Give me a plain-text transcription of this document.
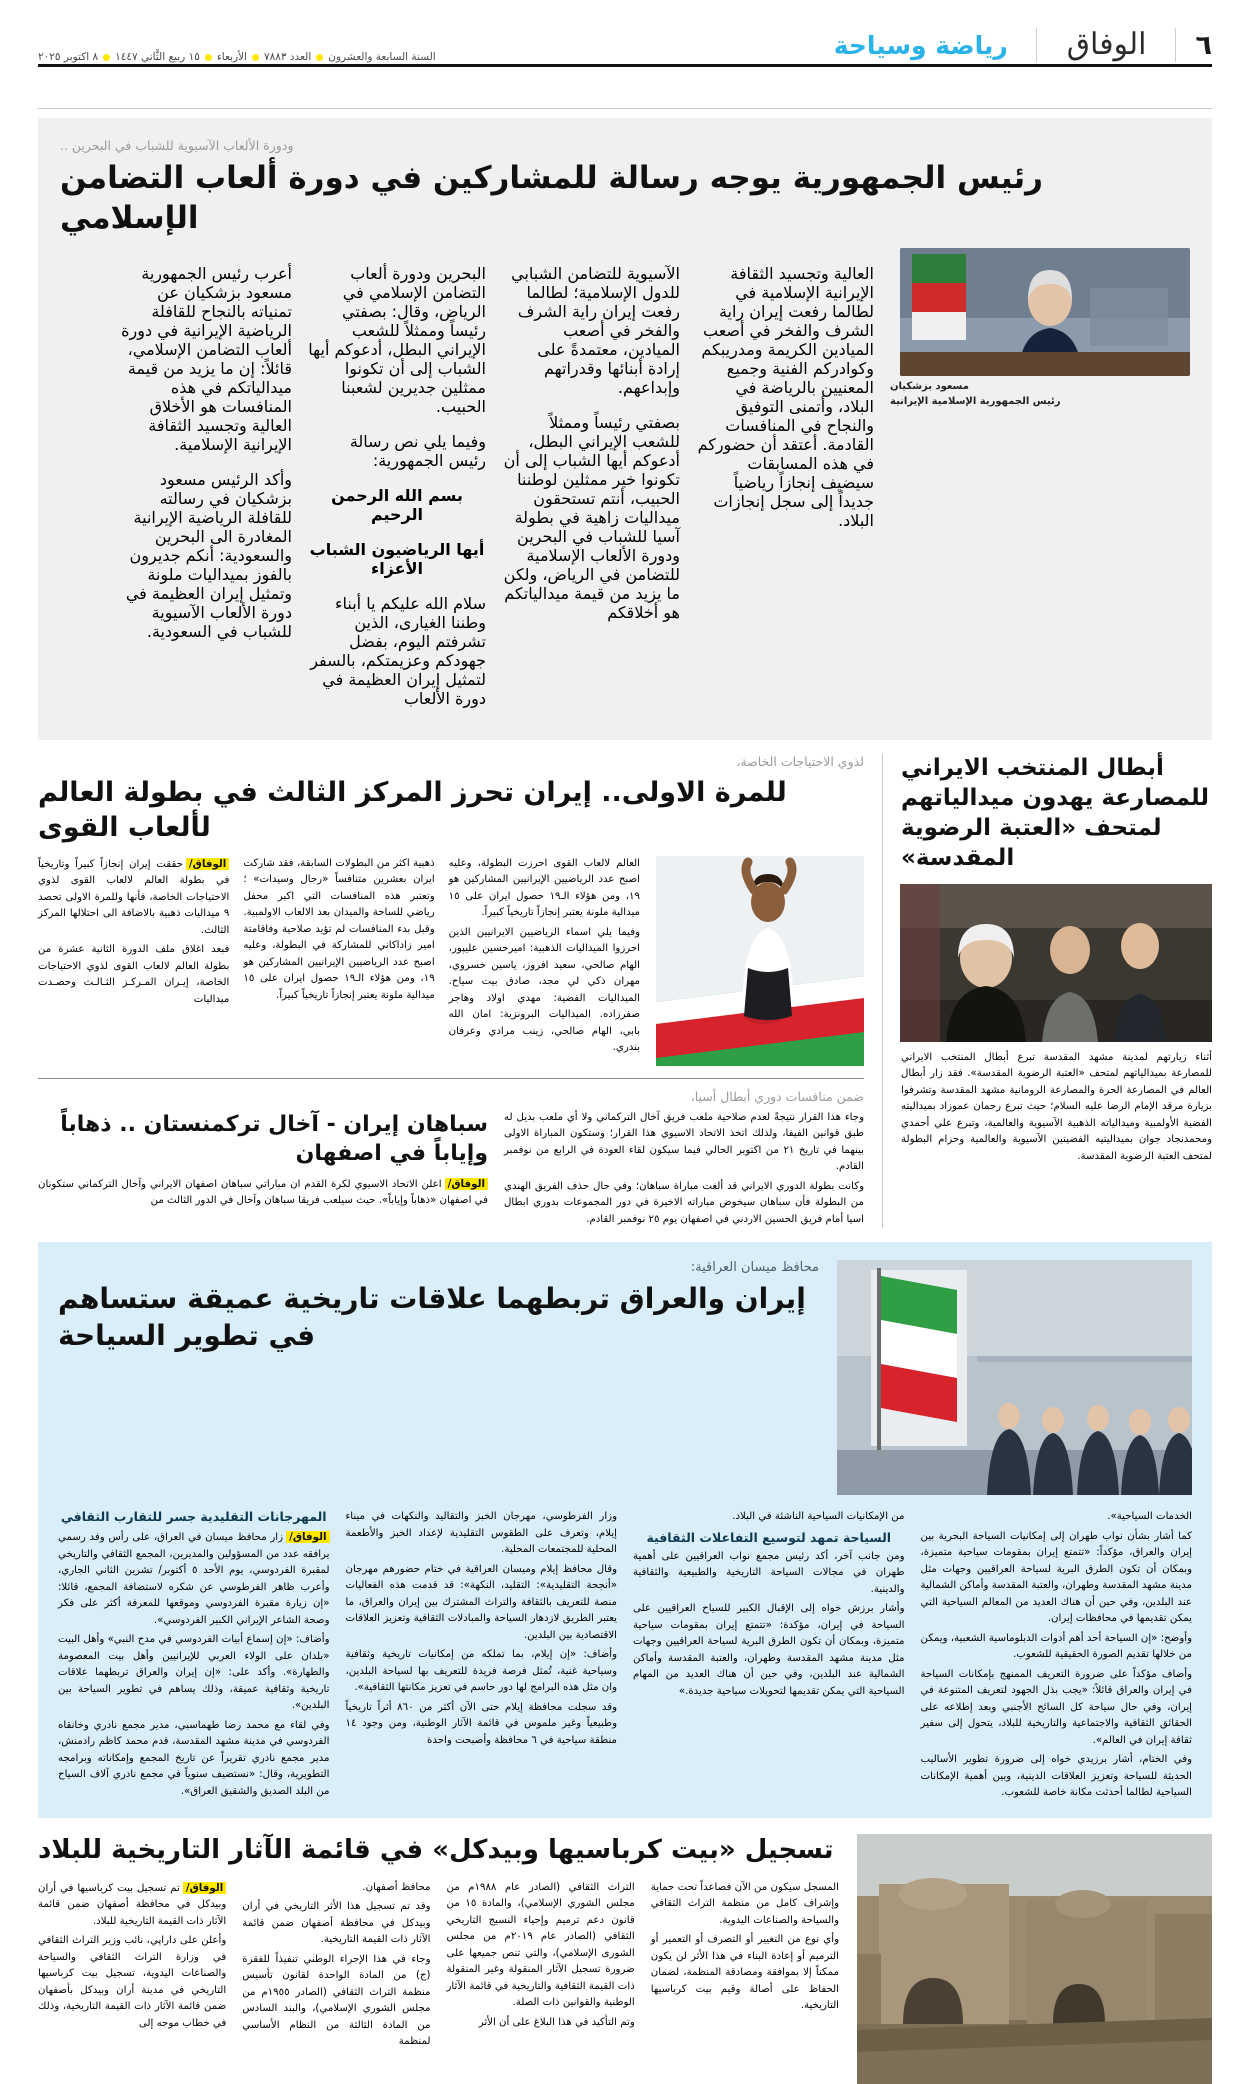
٦
الوفاق
رياضة وسياحة
السنة السابعة والعشرون
العدد ٧٨٨٣
الأربعاء
١٥ ربيع الثَّاني ١٤٤٧
٨ اكتوبر ٢٠٢٥
ودورة الألعاب الآسيوية للشباب في البحرين ..
رئيس الجمهورية يوجه رسالة للمشاركين في دورة ألعاب التضامن الإسلامي
مسعود بزشكيان
رئيس الجمهورية الإسلامية الإيرانية

العالية وتجسيد الثقافة الإيرانية الإسلامية في لطالما رفعت إيران راية الشرف والفخر في أصعب الميادين الكريمة ومدريبكم وكوادركم الفنية وجميع المعنيين بالرياضة في البلاد، وأتمنى التوفيق والنجاح في المنافسات القادمة. أعتقد أن حضوركم في هذه المسابقات سيضيف إنجازاً رياضياً جديداً إلى سجل إنجازات البلاد.

الآسيوية للتضامن الشبابي للدول الإسلامية؛ لطالما رفعت إيران راية الشرف والفخر في أصعب الميادين، معتمدةً على إرادة أبنائها وقدراتهم وإبداعهم.

بصفتي رئيساً وممثلاً للشعب الإيراني البطل، أدعوكم أيها الشباب إلى أن تكونوا خير ممثلين لوطننا الحبيب، أنتم تستحقون ميداليات زاهية في بطولة آسيا للشباب في البحرين ودورة الألعاب الإسلامية للتضامن في الرياض، ولكن ما يزيد من قيمة ميدالياتكم هو أخلاقكم

البحرين ودورة ألعاب التضامن الإسلامي في الرياض، وقال: بصفتي رئيساً وممثلاً للشعب الإيراني البطل، أدعوكم أيها الشباب إلى أن تكونوا ممثلين جديرين لشعبنا الحبيب.

وفيما يلي نص رسالة رئيس الجمهورية:

بسم الله الرحمن الرحيم

أيها الرياضيون الشباب الأعزاء

سلام الله عليكم يا أبناء وطننا الغيارى، الذين تشرفتم اليوم، بفضل جهودكم وعزيمتكم، بالسفر لتمثيل إيران العظيمة في دورة الألعاب

أعرب رئيس الجمهورية مسعود بزشكيان عن تمنياته بالنجاح للقافلة الرياضية الإيرانية في دورة ألعاب التضامن الإسلامي، قائلاً: إن ما يزيد من قيمة ميدالياتكم في هذه المنافسات هو الأخلاق العالية وتجسيد الثقافة الإيرانية الإسلامية.

وأكد الرئيس مسعود بزشكيان في رسالته للقافلة الرياضية الإيرانية المغادرة الى البحرين والسعودية: أنكم جديرون بالفوز بميداليات ملونة وتمثيل إيران العظيمة في دورة الألعاب الآسيوية للشباب في السعودية.

أبطال المنتخب الايراني للمصارعة يهدون ميدالياتهم لمتحف «العتبة الرضوية المقدسة»

أثناء زيارتهم لمدينة مشهد المقدسة تبرع أبطال المنتخب الايراني للمصارعة بميدالياتهم لمتحف «العتبة الرضوية المقدسة». فقد زار أبطال العالم في المصارعة الحرة والمصارعة الرومانية مشهد المقدسة وتشرفوا بزيارة مرقد الإمام الرضا عليه السلام؛ حيث تبرع رحمان عموزاد بميداليته الفضية الأولمبية وميدالياته الذهبية الآسيوية والعالمية، وتبرع علي أحمدي ومحمدنجاد جوان بميداليتيه الفضيتين الآسيوية والعالمية وحزام البطولة لمتحف العتبة الرضوية المقدسة.

لذوي الاحتياجات الخاصة،
للمرة الاولى.. إيران تحرز المركز الثالث في بطولة العالم لألعاب القوى

العالم لالعاب القوى احرزت البطولة، وعليه اصبح عدد الرياضيين الإيرانيين المشاركين هو ١٩، ومن هؤلاء الـ١٩ حصول ايران على ١٥ ميدالية ملونة يعتبر إنجازاً تاريخياً كبيراً.

وفيما يلي اسماء الرياضيين الايرانيين الذين احرزوا الميداليات الذهبية: اميرحسين عليپور، الهام صالحي، سعيد افروز، ياسين خسروي، مهران ذكي لي مجد، صادق بيت سياح. الميداليات الفضية: مهدي اولاد وهاجر صفرزاده. الميداليات البرونزية: امان الله بابي، الهام صالحي، زينب مرادي وعرفان بندري.

ذهبية اكثر من البطولات السابقة، فقد شاركت ايران بعشرين متنافساً «رجال وسيدات» ؛ وتعتبر هذه المنافسات التي اكبر محفل رياضي للساحة والميدان بعد الالعاب الاولمبية. وقبل بدء المنافسات لم تؤيد صلاحية وفاقامتة امير زاداكاني للمشاركة في البطولة، وعليه اصبح عدد الرياضيين الإيرانيين المشاركين هو ١٩، ومن هؤلاء الـ١٩ حصول ايران على ١٥ ميدالية ملونة يعتبر إنجازاً تاريخياً كبيراً.

الوفاق/حققت إيران إنجازاً كبيراً وتاريخياً في بطولة العالم لالعاب القوى لذوي الاحتياجات الخاصة، فأنها وللمرة الاولى تحصد ٩ ميداليات ذهبية بالاضافة الى احتلالها المركز الثالث.

فبعد اغلاق ملف الدورة الثانية عشرة من بطولة العالم لالعاب القوى لذوي الاحتياجات الخاصة، إيـران المـركـز الثـالـث وحصـدت ميداليات

ضمن منافسات دوري أبطال أسيا،

وجاء هذا القرار نتيجةً لعدم صلاحية ملعب فريق آخال التركماني ولا أي ملعب بديل له طبق قوانين الفيفا، ولذلك اتخذ الاتحاد الاسيوي هذا القرار؛ وستكون المباراة الاولى بينهما في تاريخ ٢١ من اكتوبر الحالي فيما سيكون لقاء العودة في الرابع من نوفمبر القادم.

وكانت بطولة الدوري الايراني قد ألغت مباراة سباهان؛ وفي حال حذف الفريق الهندي من البطولة فأن سباهان سيخوض مباراته الاخيرة في دور المجموعات بدوري ابطال اسيا أمام فريق الحسين الاردني في اصفهان يوم ٢٥ نوفمبر القادم.

سباهان إيران - آخال تركمنستان .. ذهاباً وإياباً في اصفهان

الوفاق/اعلن الاتحاد الاسيوي لكرة القدم ان مباراتي سباهان اصفهان الايراني وآخال التركماني ستكونان في اصفهان «ذهاباً وإياباً». حيث سيلعب فريقا سباهان وآخال في الدور الثالث من

محافظ ميسان العراقية:
إيران والعراق تربطهما علاقات تاريخية عميقة ستساهم في تطوير السياحة

الخدمات السياحية».

كما أشار بشأن نواب طهران إلى إمكانيات السياحة البحرية بين إيران والعراق، مؤكداً: «تتمتع إيران بمقومات سياحية متميزة، وبمكان أن تكون الطرق البرية لسياحة العراقيين وجهات مثل مدينة مشهد المقدسة وطهران، والعتبة المقدسة وأماكن الشمالية عند البلدين، وفي حين أن هناك العديد من المعالم السياحية التي يمكن تقديمها في محافظات إيران.

وأوضح: «إن السياحة أحد أهم أدوات الدبلوماسية الشعبية، ويمكن من خلالها تقديم الصورة الحقيقية للشعوب.

وأضاف مؤكداً على ضرورة التعريف الممنهج بإمكانات السياحة في إيران والعراق قائلاً: «يجب بذل الجهود لتعريف المتنوعة في إيران، وفي حال سياحة كل السائح الأجنبي وبعد إطلاعه على الحقائق الثقافية والاجتماعية والتاريخية للبلاد، يتحول إلى سفير ثقافة إيران في العالم».

وفي الختام، أشار برزيدي خواه إلى ضرورة تطوير الأساليب الحديثة للسياحة وتعزيز العلاقات الدينية، وبين أهمية الإمكانات السياحية لطالما أحدثت مكانة خاصة للشعوب.

من الإمكانيات السياحية الناشئة في البلاد.

السياحة تمهد لتوسيع التفاعلات الثقافية

ومن جانب آخر، أكد رئيس مجمع نواب العراقيين على أهمية طهران في مجالات السياحة التاريخية والطبيعية والثقافية والدينية.

وأشار برزش خواه إلى الإقبال الكبير للسياح العراقيين على السياحة في إيران، مؤكدة: «تتمتع إيران بمقومات سياحية متميزة، وبمكان أن تكون الطرق البرية لسياحة العراقيين وجهات مثل مدينة مشهد المقدسة وطهران، والعتبة المقدسة وأماكن الشمالية عند البلدين، وفي حين أن هناك العديد من المهام السياحية التي يمكن تقديمها لتحويلات سياحية جديدة.»

وزار الفرطوسي، مهرجان الخبز والتقاليد والنكهات في ميناء إيلام، وتعرف على الطقوس التقليدية لإعداد الخبز والأطعمة المحلية للمجتمعات المحلية.

وقال محافظ إيلام وميسان العراقية في ختام حضورهم مهرجان «أنجحة التقليدية»: التقليد، النكهة»: قد قدمت هذه الفعاليات منصة للتعريف بالثقافة والتراث المشترك بين إيران والعراق، ما يعتبر الطريق لازدهار السياحة والمبادلات الثقافية وتعزيز العلاقات الاقتصادية بين البلدين.

وأضاف: «إن إيلام، بما تملكه من إمكانيات تاريخية وثقافية وسياحية غنية، تُمثل فرصة فريدة للتعريف بها لسياحة البلدين، وان مثل هذه البرامج لها دور حاسم في تعزيز مكانتها الثقافية».

وقد سجلت محافظة إيلام حتى الآن أكثر من ٨٦٠ أثراً تاريخياً وطبيعياً وغير ملموس في قائمة الآثار الوطنية، ومن وجود ١٤ منطقة سياحية في ٦ محافظة وأصبحت واحدة

المهرجانات التقليدية جسر للتقارب الثقافي

الوفاق/زار محافظ ميسان في العراق، على رأس وفد رسمي يرافقه عدد من المسؤولين والمديرين، المجمع الثقافي والتاريخي لمقبرة الفردوسي، يوم الأحد ٥ أكتوبر/ تشرين الثاني الجاري، وأعرب ظاهر الفرطوسي عن شكره لاستضافة المجمع، قائلا: «إن زيارة مقبرة الفردوسي وموقعها للمعرفة أكثر على فكر وصحة الشاعر الإيراني الكبير الفردوسي».

وأضاف: «إن إسماع أبيات الفردوسي في مدح النبي» وأهل البيت «بلدان على الولاء العربي للإيرانيين وأهل بيت المعصومة والطهارة». وأكد على: «إن إيران والعراق تربطهما علاقات تاريخية وثقافية عميقة، وذلك يساهم في تطوير السياحة بين البلدين».

وفي لقاء مع محمد رضا طهماسبي، مدير مجمع نادري وخانقاه الفردوسي في مدينة مشهد المقدسة، قدم محمد كاظم رادمنش، مدير مجمع نادري تقريراً عن تاريخ المجمع وإمكاناته وبرامجه التطويرية، وقال: «نستضيف سنوياً في مجمع نادري آلاف السياح من البلد الصديق والشقيق العراق».

تسجيل «بيت كرباسيها وبيدكل» في قائمة الآثار التاريخية للبلاد

المسجل سيكون من الآن فصاعداً تحت حماية وإشراف كامل من منظمة التراث الثقافي والسياحة والصناعات اليدوية.

وأي نوع من التغيير أو التصرف أو التعمير أو الترميم أو إعادة البناء في هذا الأثر لن يكون ممكناً إلا بموافقة ومصادقة المنظمة، لضمان الحفاظ على أصالة وقيم بيت كرباسيها التاريخية.

التراث الثقافي (الصادر عام ١٩٨٨م من مجلس الشوري الإسلامي)، والمادة ١٥ من قانون دعم ترميم وإحياء النسيج التاريخي الثقافي (الصادر عام ٢٠١٩م من مجلس الشورى الإسلامي)، والتي تنص جميعها على ضرورة تسجيل الآثار المنقولة وغير المنقولة ذات القيمة الثقافية والتاريخية في قائمة الآثار الوطنية والقوانين ذات الصلة.

وتم التأكيد في هذا البلاغ على أن الأثر

محافظ أصفهان.

وقد تم تسجيل هذا الأثر التاريخي في أران وبيدكل في محافظة أصفهان ضمن قائمة الآثار ذات القيمة التاريخية.

وجاء في هذا الإجراء الوطني تنفيذاً للفقرة (ج) من المادة الواحدة لقانون تأسيس منظمة التراث الثقافي (الصادر ١٩٥٥م من مجلس الشوري الإسلامي)، والبند السادس من المادة الثالثة من النظام الأساسي لمنظمة

الوفاق/تم تسجيل بيت كرباسيها في أران وبيدكل في محافظة أصفهان ضمن قائمة الآثار ذات القيمة التاريخية للبلاد.

وأعلن على داراپي، نائب وزير التراث الثقافي في وزارة التراث الثقافي والسياحة والصناعات اليدوية، تسجيل بيت كرباسيها التاريخي في مدينة أران وبيدكل بأصفهان ضمن قائمة الآثار ذات القيمة التاريخية، وذلك في خطاب موجه إلى
